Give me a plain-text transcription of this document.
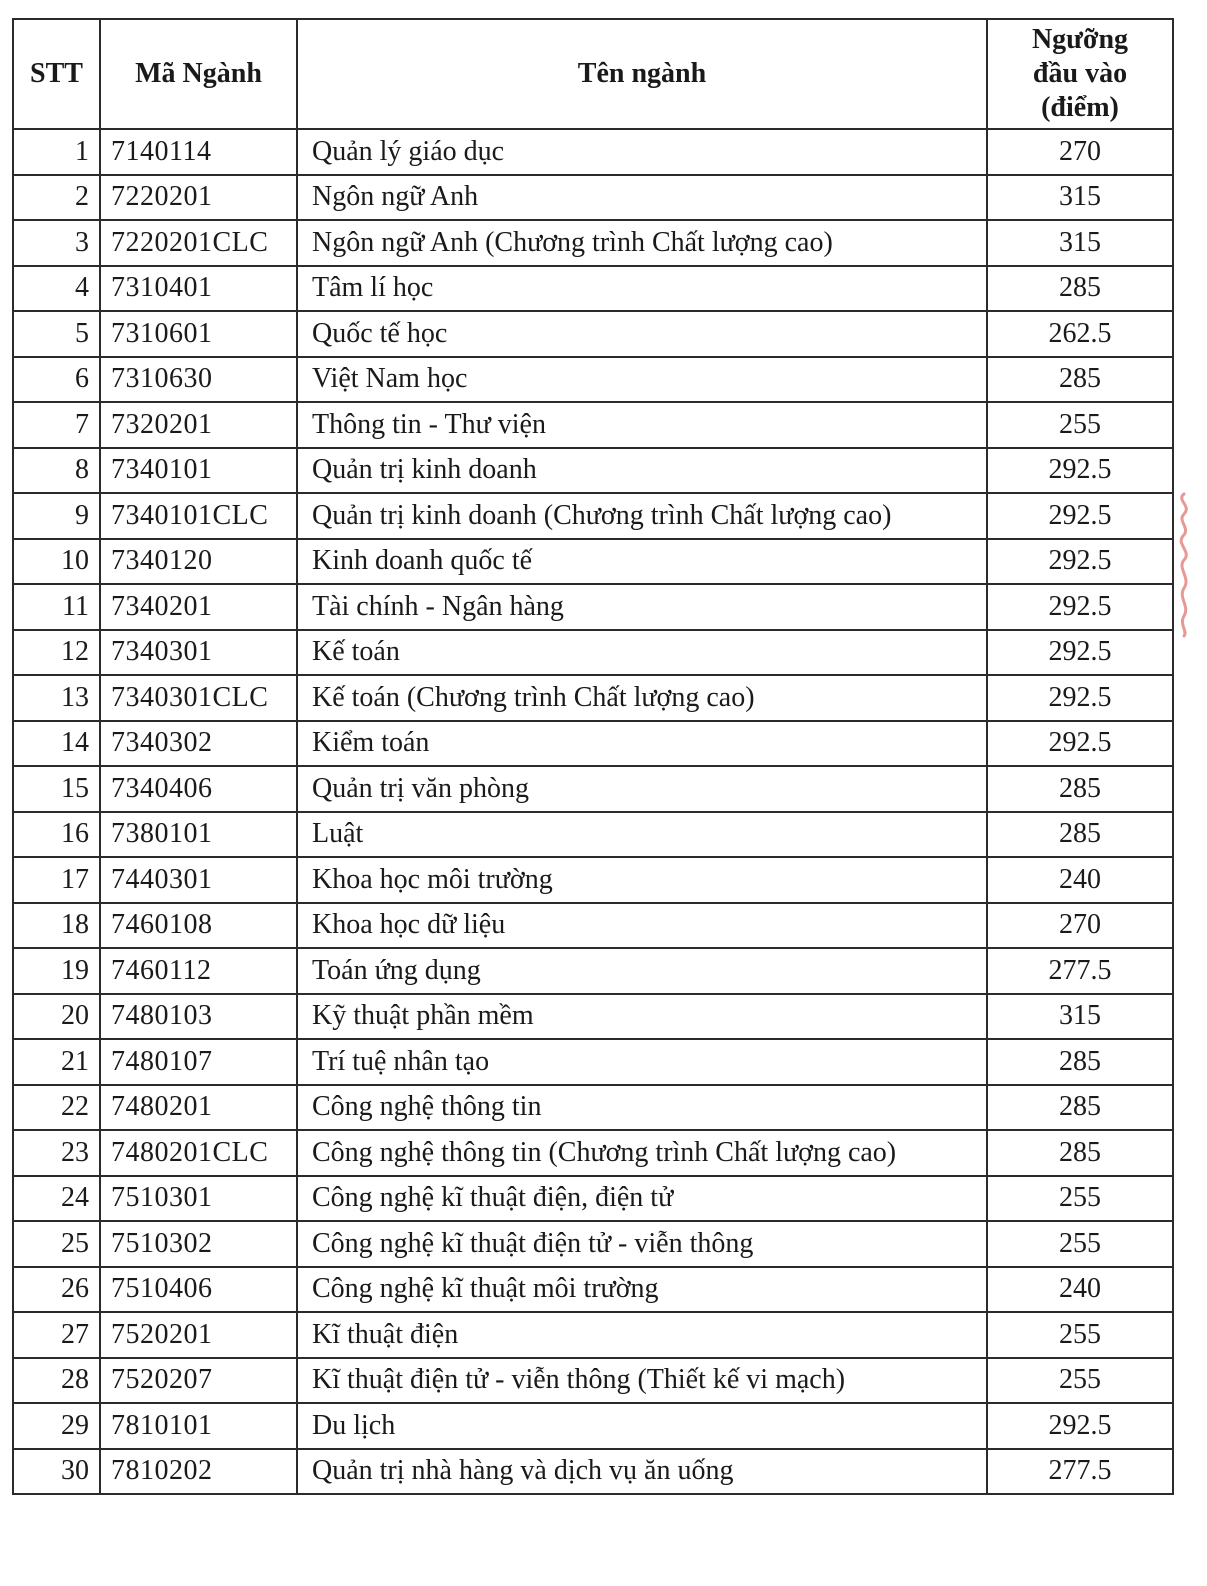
STT	Mã Ngành	Tên ngành	Ngưỡng
đầu vào
(điểm)
1	7140114	Quản lý giáo dục	270
2	7220201	Ngôn ngữ Anh	315
3	7220201CLC	Ngôn ngữ Anh (Chương trình Chất lượng cao)	315
4	7310401	Tâm lí học	285
5	7310601	Quốc tế học	262.5
6	7310630	Việt Nam học	285
7	7320201	Thông tin - Thư viện	255
8	7340101	Quản trị kinh doanh	292.5
9	7340101CLC	Quản trị kinh doanh (Chương trình Chất lượng cao)	292.5
10	7340120	Kinh doanh quốc tế	292.5
11	7340201	Tài chính - Ngân hàng	292.5
12	7340301	Kế toán	292.5
13	7340301CLC	Kế toán (Chương trình Chất lượng cao)	292.5
14	7340302	Kiểm toán	292.5
15	7340406	Quản trị văn phòng	285
16	7380101	Luật	285
17	7440301	Khoa học môi trường	240
18	7460108	Khoa học dữ liệu	270
19	7460112	Toán ứng dụng	277.5
20	7480103	Kỹ thuật phần mềm	315
21	7480107	Trí tuệ nhân tạo	285
22	7480201	Công nghệ thông tin	285
23	7480201CLC	Công nghệ thông tin (Chương trình Chất lượng cao)	285
24	7510301	Công nghệ kĩ thuật điện, điện tử	255
25	7510302	Công nghệ kĩ thuật điện tử - viễn thông	255
26	7510406	Công nghệ kĩ thuật môi trường	240
27	7520201	Kĩ thuật điện	255
28	7520207	Kĩ thuật điện tử - viễn thông (Thiết kế vi mạch)	255
29	7810101	Du lịch	292.5
30	7810202	Quản trị nhà hàng và dịch vụ ăn uống	277.5
